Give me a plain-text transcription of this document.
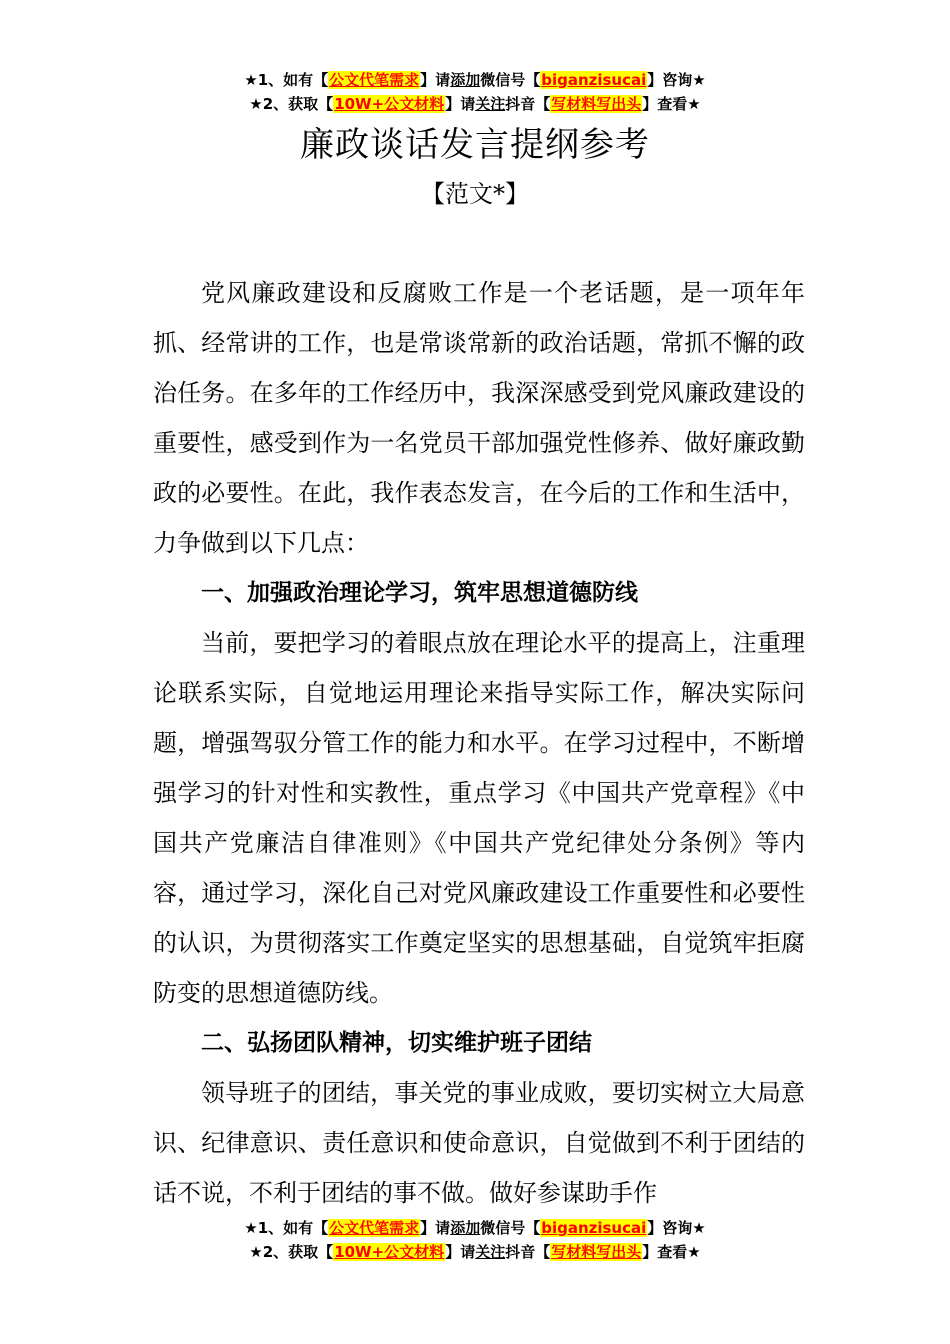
★1、如有【公文代笔需求】请添加微信号【biganzisucai】咨询★
★2、获取【10W+公文材料】请关注抖音【写材料写出头】查看★
廉政谈话发言提纲参考
【范文*】

党风廉政建设和反腐败工作是一个老话题，是一项年年抓、经常讲的工作，也是常谈常新的政治话题，常抓不懈的政治任务。在多年的工作经历中，我深深感受到党风廉政建设的重要性，感受到作为一名党员干部加强党性修养、做好廉政勤政的必要性。在此，我作表态发言，在今后的工作和生活中，力争做到以下几点：

一、加强政治理论学习，筑牢思想道德防线

当前，要把学习的着眼点放在理论水平的提高上，注重理论联系实际，自觉地运用理论来指导实际工作，解决实际问题，增强驾驭分管工作的能力和水平。在学习过程中，不断增强学习的针对性和实教性，重点学习《中国共产党章程》《中国共产党廉洁自律准则》《中国共产党纪律处分条例》等内容，通过学习，深化自己对党风廉政建设工作重要性和必要性的认识，为贯彻落实工作奠定坚实的思想基础，自觉筑牢拒腐防变的思想道德防线。

二、弘扬团队精神，切实维护班子团结

领导班子的团结，事关党的事业成败，要切实树立大局意识、纪律意识、责任意识和使命意识，自觉做到不利于团结的话不说，不利于团结的事不做。做好参谋助手作

★1、如有【公文代笔需求】请添加微信号【biganzisucai】咨询★
★2、获取【10W+公文材料】请关注抖音【写材料写出头】查看★
